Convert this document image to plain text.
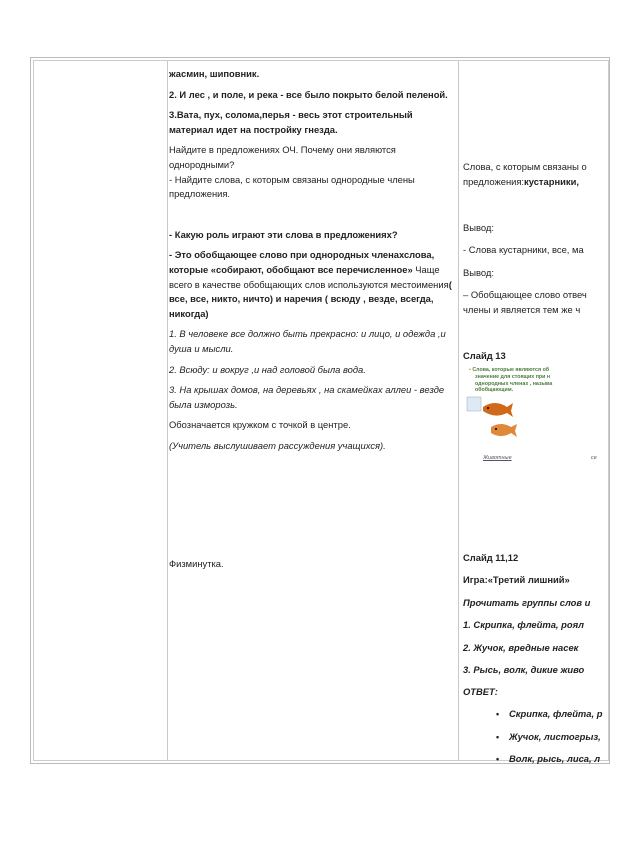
жасмин, шиповник.

2. И лес , и поле, и река - все было покрыто белой пеленой.

3.Вата, пух, солома,перья - весь этот строительный материал идет на постройку гнезда.

Найдите в предложениях ОЧ. Почему они являются однородными?

- Найдите слова, с которым связаны однородные члены предложения.

- Какую роль играют эти слова в предложениях?

- Это обобщающее слово при однородных членахслова, которые «собирают, обобщают все перечисленное» Чаще всего в качестве обобщающих слов используются местоимения( все, все, никто, ничто) и наречия ( всюду , везде, всегда, никогда)

1. В человеке все должно быть прекрасно: и лицо, и одежда ,и душа и мысли.

2. Всюду: и вокруг ,и над головой была вода.

3. На крышах домов, на деревьях , на скамейках аллеи - везде была изморозь.

Обозначается кружком с точкой в центре.

(Учитель выслушивает рассуждения учащихся).

Физминутка.

Слова, с которым связаны о
предложения:кустарники,

Вывод:

- Слова кустарники, все, ма

Вывод:

– Обобщающее слово отвеч
члены и является тем же ч

Слайд 13

▪ Слова, которые являются об
значение для стоящих при н
однородных членах , называ
обобщающим.
Животные	ce

Слайд 11,12

Игра:«Третий лишний»

Прочитать группы слов и

1. Скрипка, флейта, роял

2. Жучок, вредные насек

3. Рысь, волк, дикие живо

ОТВЕТ:

•	Скрипка, флейта, р

•	Жучок, листогрыз,

•	Волк, рысь, лиса, л
